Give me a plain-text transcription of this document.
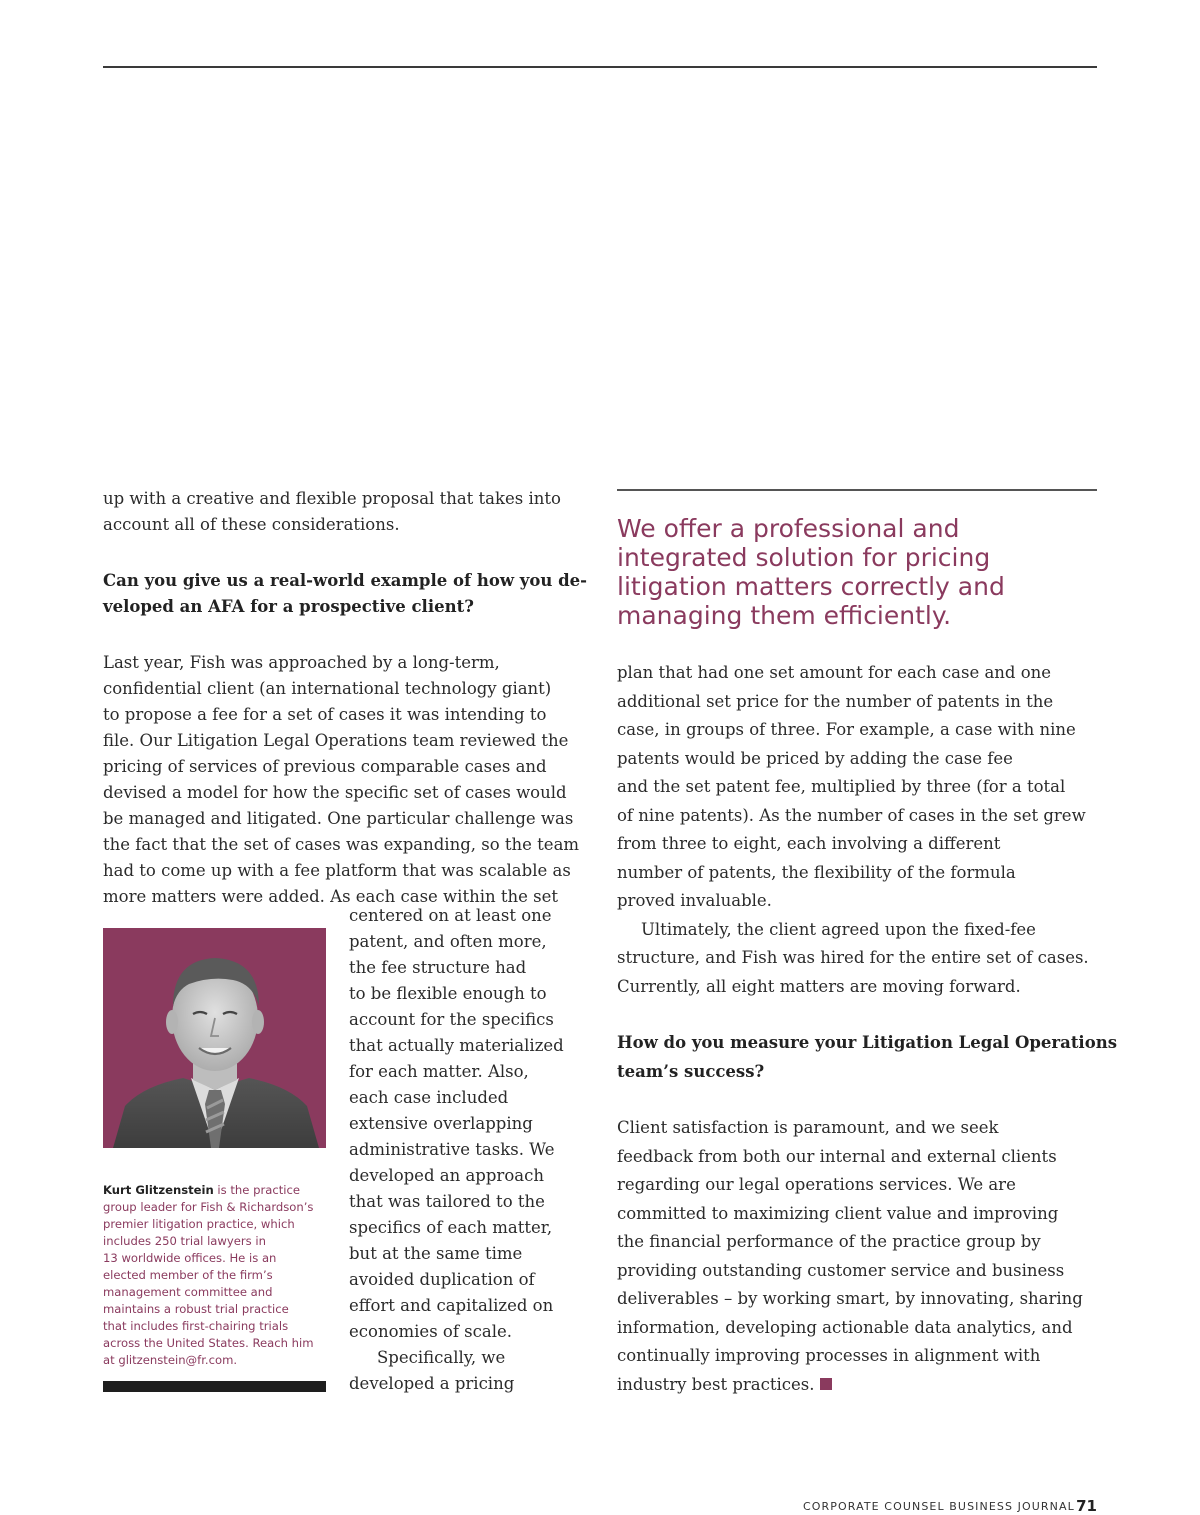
up with a creative and flexible proposal that takes into
account all of these considerations.

Can you give us a real-world example of how you de-
veloped an AFA for a prospective client?

Last year, Fish was approached by a long-term,
confidential client (an international technology giant)
to propose a fee for a set of cases it was intending to
file. Our Litigation Legal Operations team reviewed the
pricing of services of previous comparable cases and
devised a model for how the specific set of cases would
be managed and litigated. One particular challenge was
the fact that the set of cases was expanding, so the team
had to come up with a fee platform that was scalable as
more matters were added. As each case within the set

Kurt Glitzenstein is the practice
group leader for Fish & Richardson’s
premier litigation practice, which
includes 250 trial lawyers in
13 worldwide offices. He is an
elected member of the firm’s
management committee and
maintains a robust trial practice
that includes first-chairing trials
across the United States. Reach him
at glitzenstein@fr.com.

centered on at least one
patent, and often more,
the fee structure had
to be flexible enough to
account for the specifics
that actually materialized
for each matter. Also,
each case included
extensive overlapping
administrative tasks. We
developed an approach
that was tailored to the
specifics of each matter,
but at the same time
avoided duplication of
effort and capitalized on
economies of scale.

Specifically, we
developed a pricing

We offer a professional and
integrated solution for pricing
litigation matters correctly and
managing them efficiently.

plan that had one set amount for each case and one
additional set price for the number of patents in the
case, in groups of three. For example, a case with nine
patents would be priced by adding the case fee
and the set patent fee, multiplied by three (for a total
of nine patents). As the number of cases in the set grew
from three to eight, each involving a different
number of patents, the flexibility of the formula
proved invaluable.

Ultimately, the client agreed upon the fixed-fee
structure, and Fish was hired for the entire set of cases.
Currently, all eight matters are moving forward.

How do you measure your Litigation Legal Operations
team’s success?

Client satisfaction is paramount, and we seek
feedback from both our internal and external clients
regarding our legal operations services. We are
committed to maximizing client value and improving
the financial performance of the practice group by
providing outstanding customer service and business
deliverables – by working smart, by innovating, sharing
information, developing actionable data analytics, and
continually improving processes in alignment with
industry best practices.

CORPORATE COUNSEL BUSINESS JOURNAL 71
